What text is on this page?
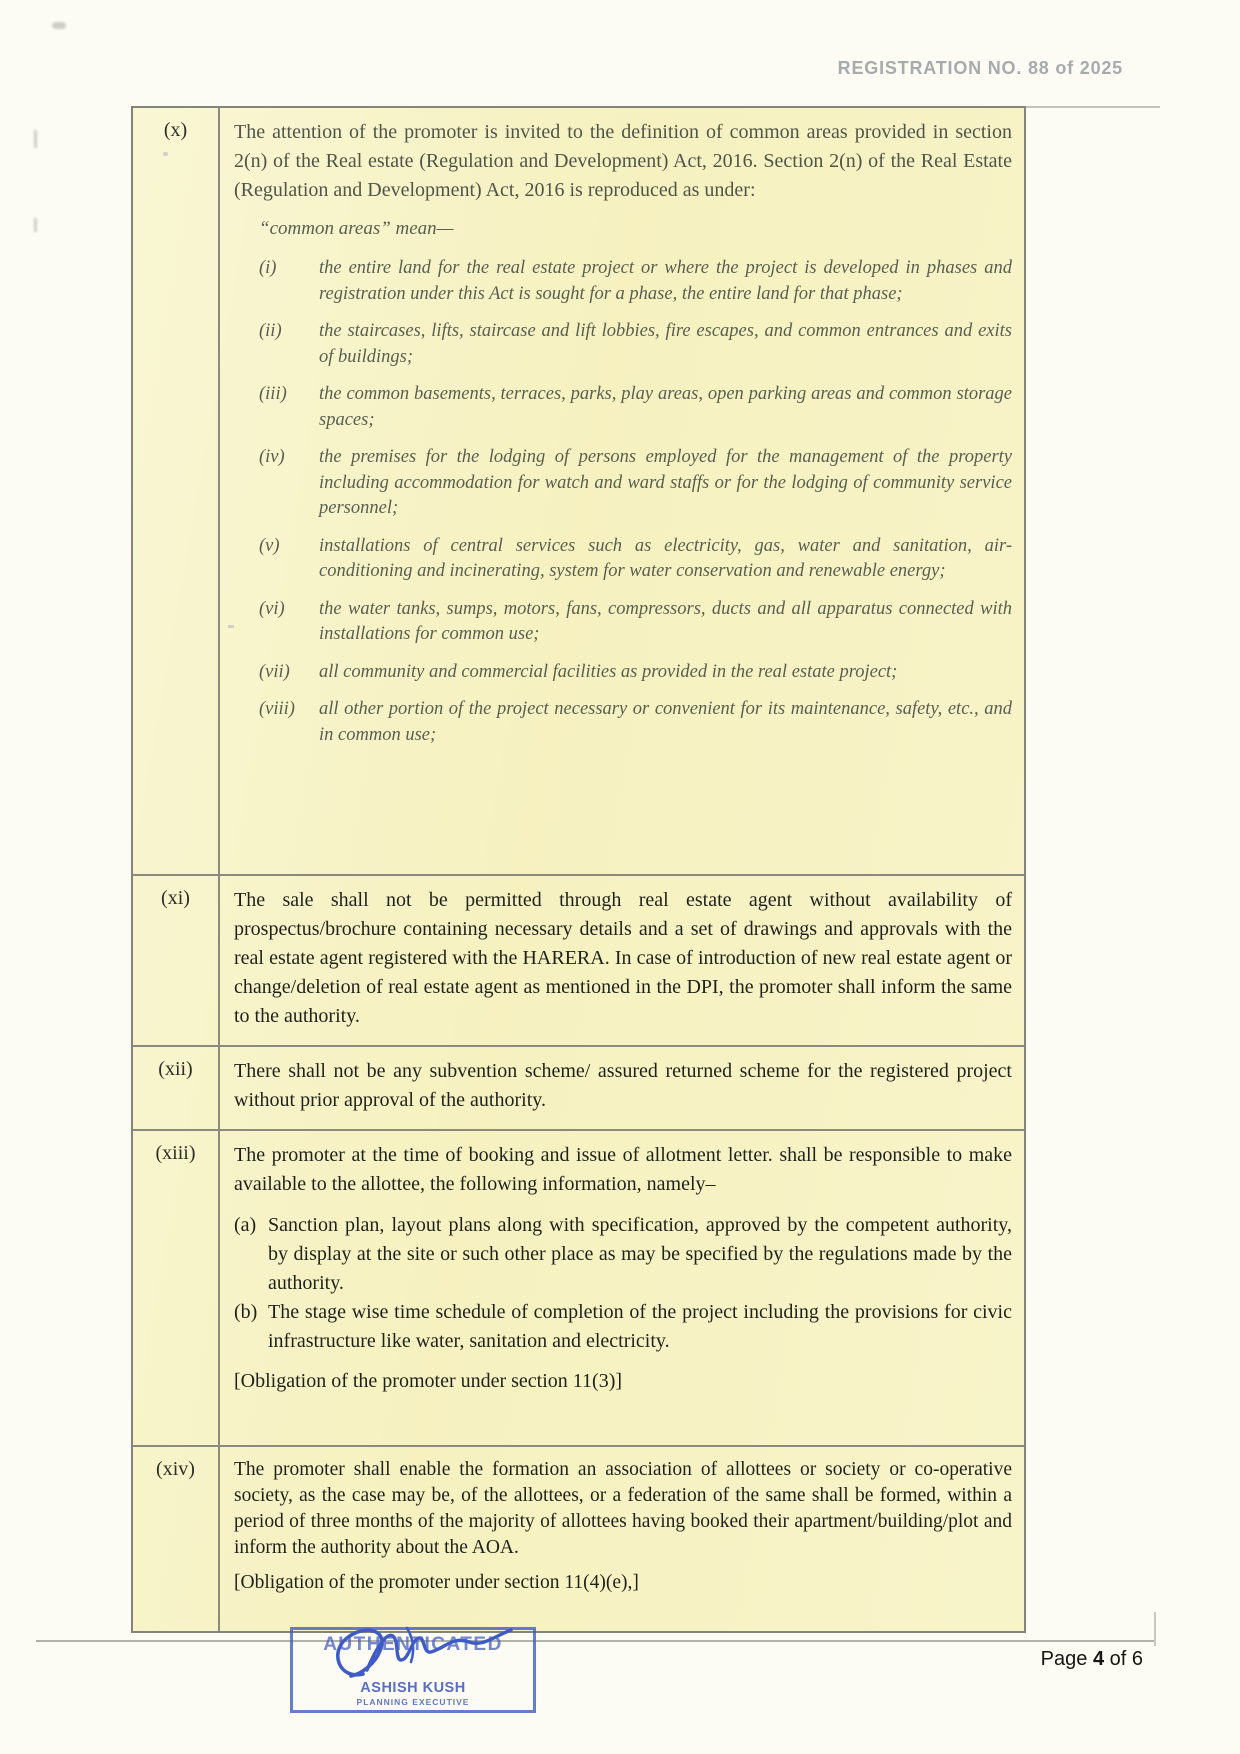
REGISTRATION NO. 88 of 2025
(x)	The attention of the promoter is invited to the definition of common areas provided in section 2(n) of the Real estate (Regulation and Development) Act, 2016. Section 2(n) of the Real Estate (Regulation and Development) Act, 2016 is reproduced as under:

“common areas” mean—

(i)	the entire land for the real estate project or where the project is developed in phases and registration under this Act is sought for a phase, the entire land for that phase;
(ii)	the staircases, lifts, staircase and lift lobbies, fire escapes, and common entrances and exits of buildings;
(iii)	the common basements, terraces, parks, play areas, open parking areas and common storage spaces;
(iv)	the premises for the lodging of persons employed for the management of the property including accommodation for watch and ward staffs or for the lodging of community service personnel;
(v)	installations of central services such as electricity, gas, water and sanitation, air-conditioning and incinerating, system for water conservation and renewable energy;
(vi)	the water tanks, sumps, motors, fans, compressors, ducts and all apparatus connected with installations for common use;
(vii)	all community and commercial facilities as provided in the real estate project;
(viii)	all other portion of the project necessary or convenient for its maintenance, safety, etc., and in common use;
(xi)	The sale shall not be permitted through real estate agent without availability of prospectus/brochure containing necessary details and a set of drawings and approvals with the real estate agent registered with the HARERA. In case of introduction of new real estate agent or change/deletion of real estate agent as mentioned in the DPI, the promoter shall inform the same to the authority.

(xii)	There shall not be any subvention scheme/ assured returned scheme for the registered project without prior approval of the authority.

(xiii)	The promoter at the time of booking and issue of allotment letter. shall be responsible to make available to the allottee, the following information, namely–

(a) Sanction plan, layout plans along with specification, approved by the competent authority, by display at the site or such other place as may be specified by the regulations made by the authority.
(b) The stage wise time schedule of completion of the project including the provisions for civic infrastructure like water, sanitation and electricity.

[Obligation of the promoter under section 11(3)]

(xiv)	The promoter shall enable the formation an association of allottees or society or co-operative society, as the case may be, of the allottees, or a federation of the same shall be formed, within a period of three months of the majority of allottees having booked their apartment/building/plot and inform the authority about the AOA.

[Obligation of the promoter under section 11(4)(e),]

AUTHENTICATED
ASHISH KUSH
PLANNING EXECUTIVE
Page 4 of 6
